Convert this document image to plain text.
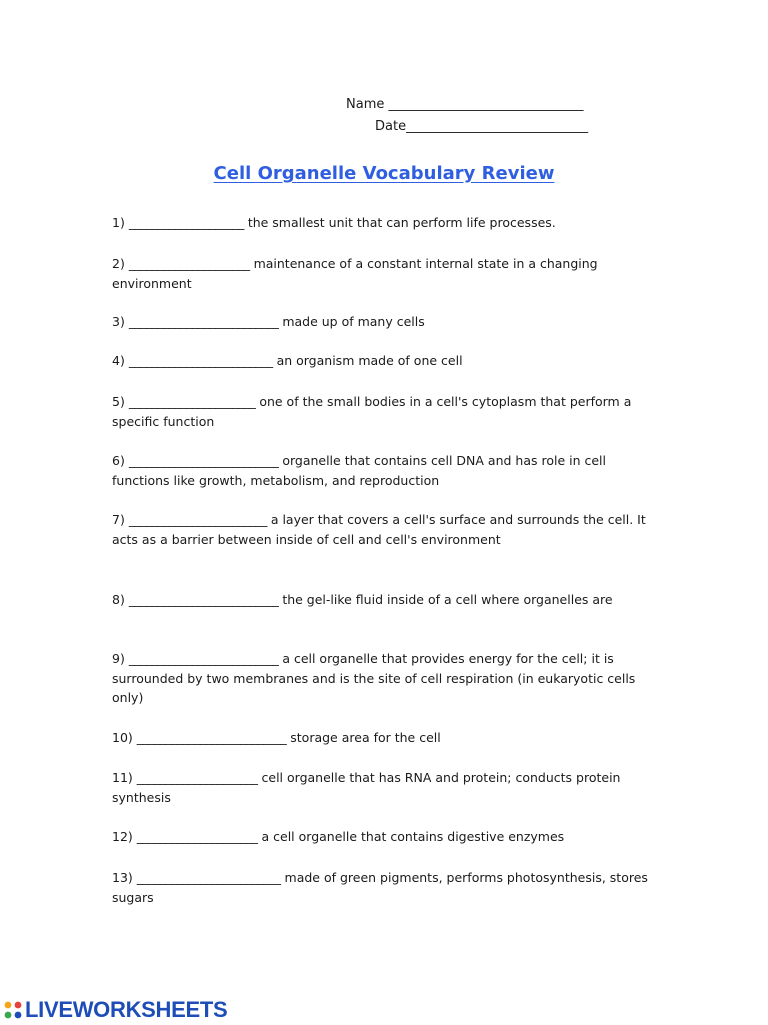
Name ______________________________
Date____________________________
Cell Organelle Vocabulary Review
1) ____________________ the smallest unit that can perform life processes.
2) _____________________ maintenance of a constant internal state in a changing environment
3) __________________________ made up of many cells
4) _________________________ an organism made of one cell
5) ______________________ one of the small bodies in a cell's cytoplasm that perform a specific function
6) __________________________ organelle that contains cell DNA and has role in cell functions like growth, metabolism, and reproduction
7) ________________________ a layer that covers a cell's surface and surrounds the cell. It acts as a barrier between inside of cell and cell's environment
8) __________________________ the gel-like fluid inside of a cell where organelles are
9) __________________________ a cell organelle that provides energy for the cell; it is surrounded by two membranes and is the site of cell respiration (in eukaryotic cells only)
10) __________________________ storage area for the cell
11) _____________________ cell organelle that has RNA and protein; conducts protein synthesis
12) _____________________ a cell organelle that contains digestive enzymes
13) _________________________ made of green pigments, performs photosynthesis, stores sugars
LIVEWORKSHEETS
